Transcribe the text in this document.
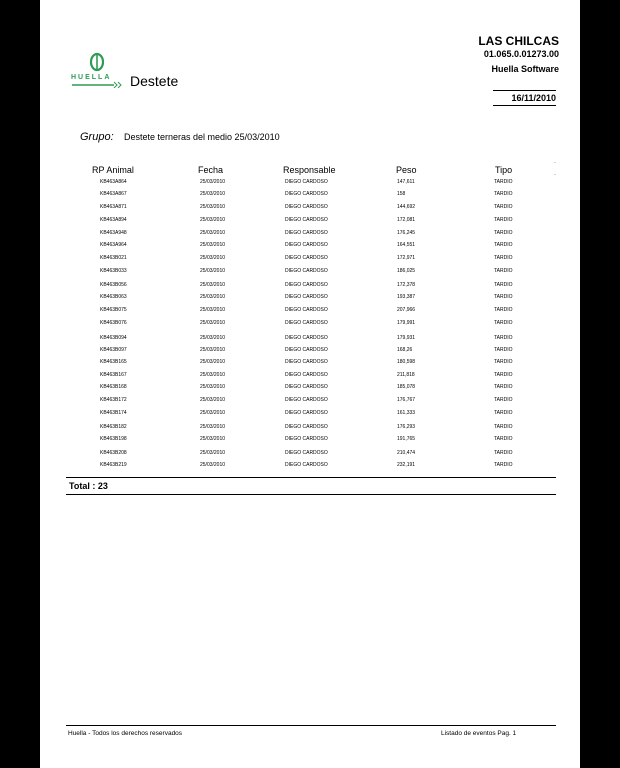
HUELLA Destete
LAS CHILCAS
01.065.0.01273.00
Huella Software
16/11/2010
Grupo: Destete terneras del medio 25/03/2010
RP Animal	Fecha	Responsable	Peso	Tipo
·
·
KB463A864	25/03/2010	DIEGO CARDOSO	147,611	TARDIO
KB463A867	25/03/2010	DIEGO CARDOSO	158	TARDIO
KB463A871	25/03/2010	DIEGO CARDOSO	144,692	TARDIO
KB463A894	25/03/2010	DIEGO CARDOSO	172,081	TARDIO
KB463A948	25/03/2010	DIEGO CARDOSO	176,245	TARDIO
KB463A964	25/03/2010	DIEGO CARDOSO	164,551	TARDIO
KB463B021	25/03/2010	DIEGO CARDOSO	172,971	TARDIO
KB463B033	25/03/2010	DIEGO CARDOSO	186,025	TARDIO
KB463B056	25/03/2010	DIEGO CARDOSO	172,378	TARDIO
KB463B063	25/03/2010	DIEGO CARDOSO	193,387	TARDIO
KB463B075	25/03/2010	DIEGO CARDOSO	207,966	TARDIO
KB463B076	25/03/2010	DIEGO CARDOSO	179,991	TARDIO
KB463B094	25/03/2010	DIEGO CARDOSO	179,931	TARDIO
KB463B097	25/03/2010	DIEGO CARDOSO	168,26	TARDIO
KB463B165	25/03/2010	DIEGO CARDOSO	180,598	TARDIO
KB463B167	25/03/2010	DIEGO CARDOSO	211,818	TARDIO
KB463B168	25/03/2010	DIEGO CARDOSO	185,078	TARDIO
KB463B172	25/03/2010	DIEGO CARDOSO	176,767	TARDIO
KB463B174	25/03/2010	DIEGO CARDOSO	161,333	TARDIO
KB463B182	25/03/2010	DIEGO CARDOSO	176,293	TARDIO
KB463B198	25/03/2010	DIEGO CARDOSO	191,765	TARDIO
KB463B208	25/03/2010	DIEGO CARDOSO	210,474	TARDIO
KB463B219	25/03/2010	DIEGO CARDOSO	232,191	TARDIO
Total : 23
Huella - Todos los derechos reservados	Listado de eventos Pag. 1
